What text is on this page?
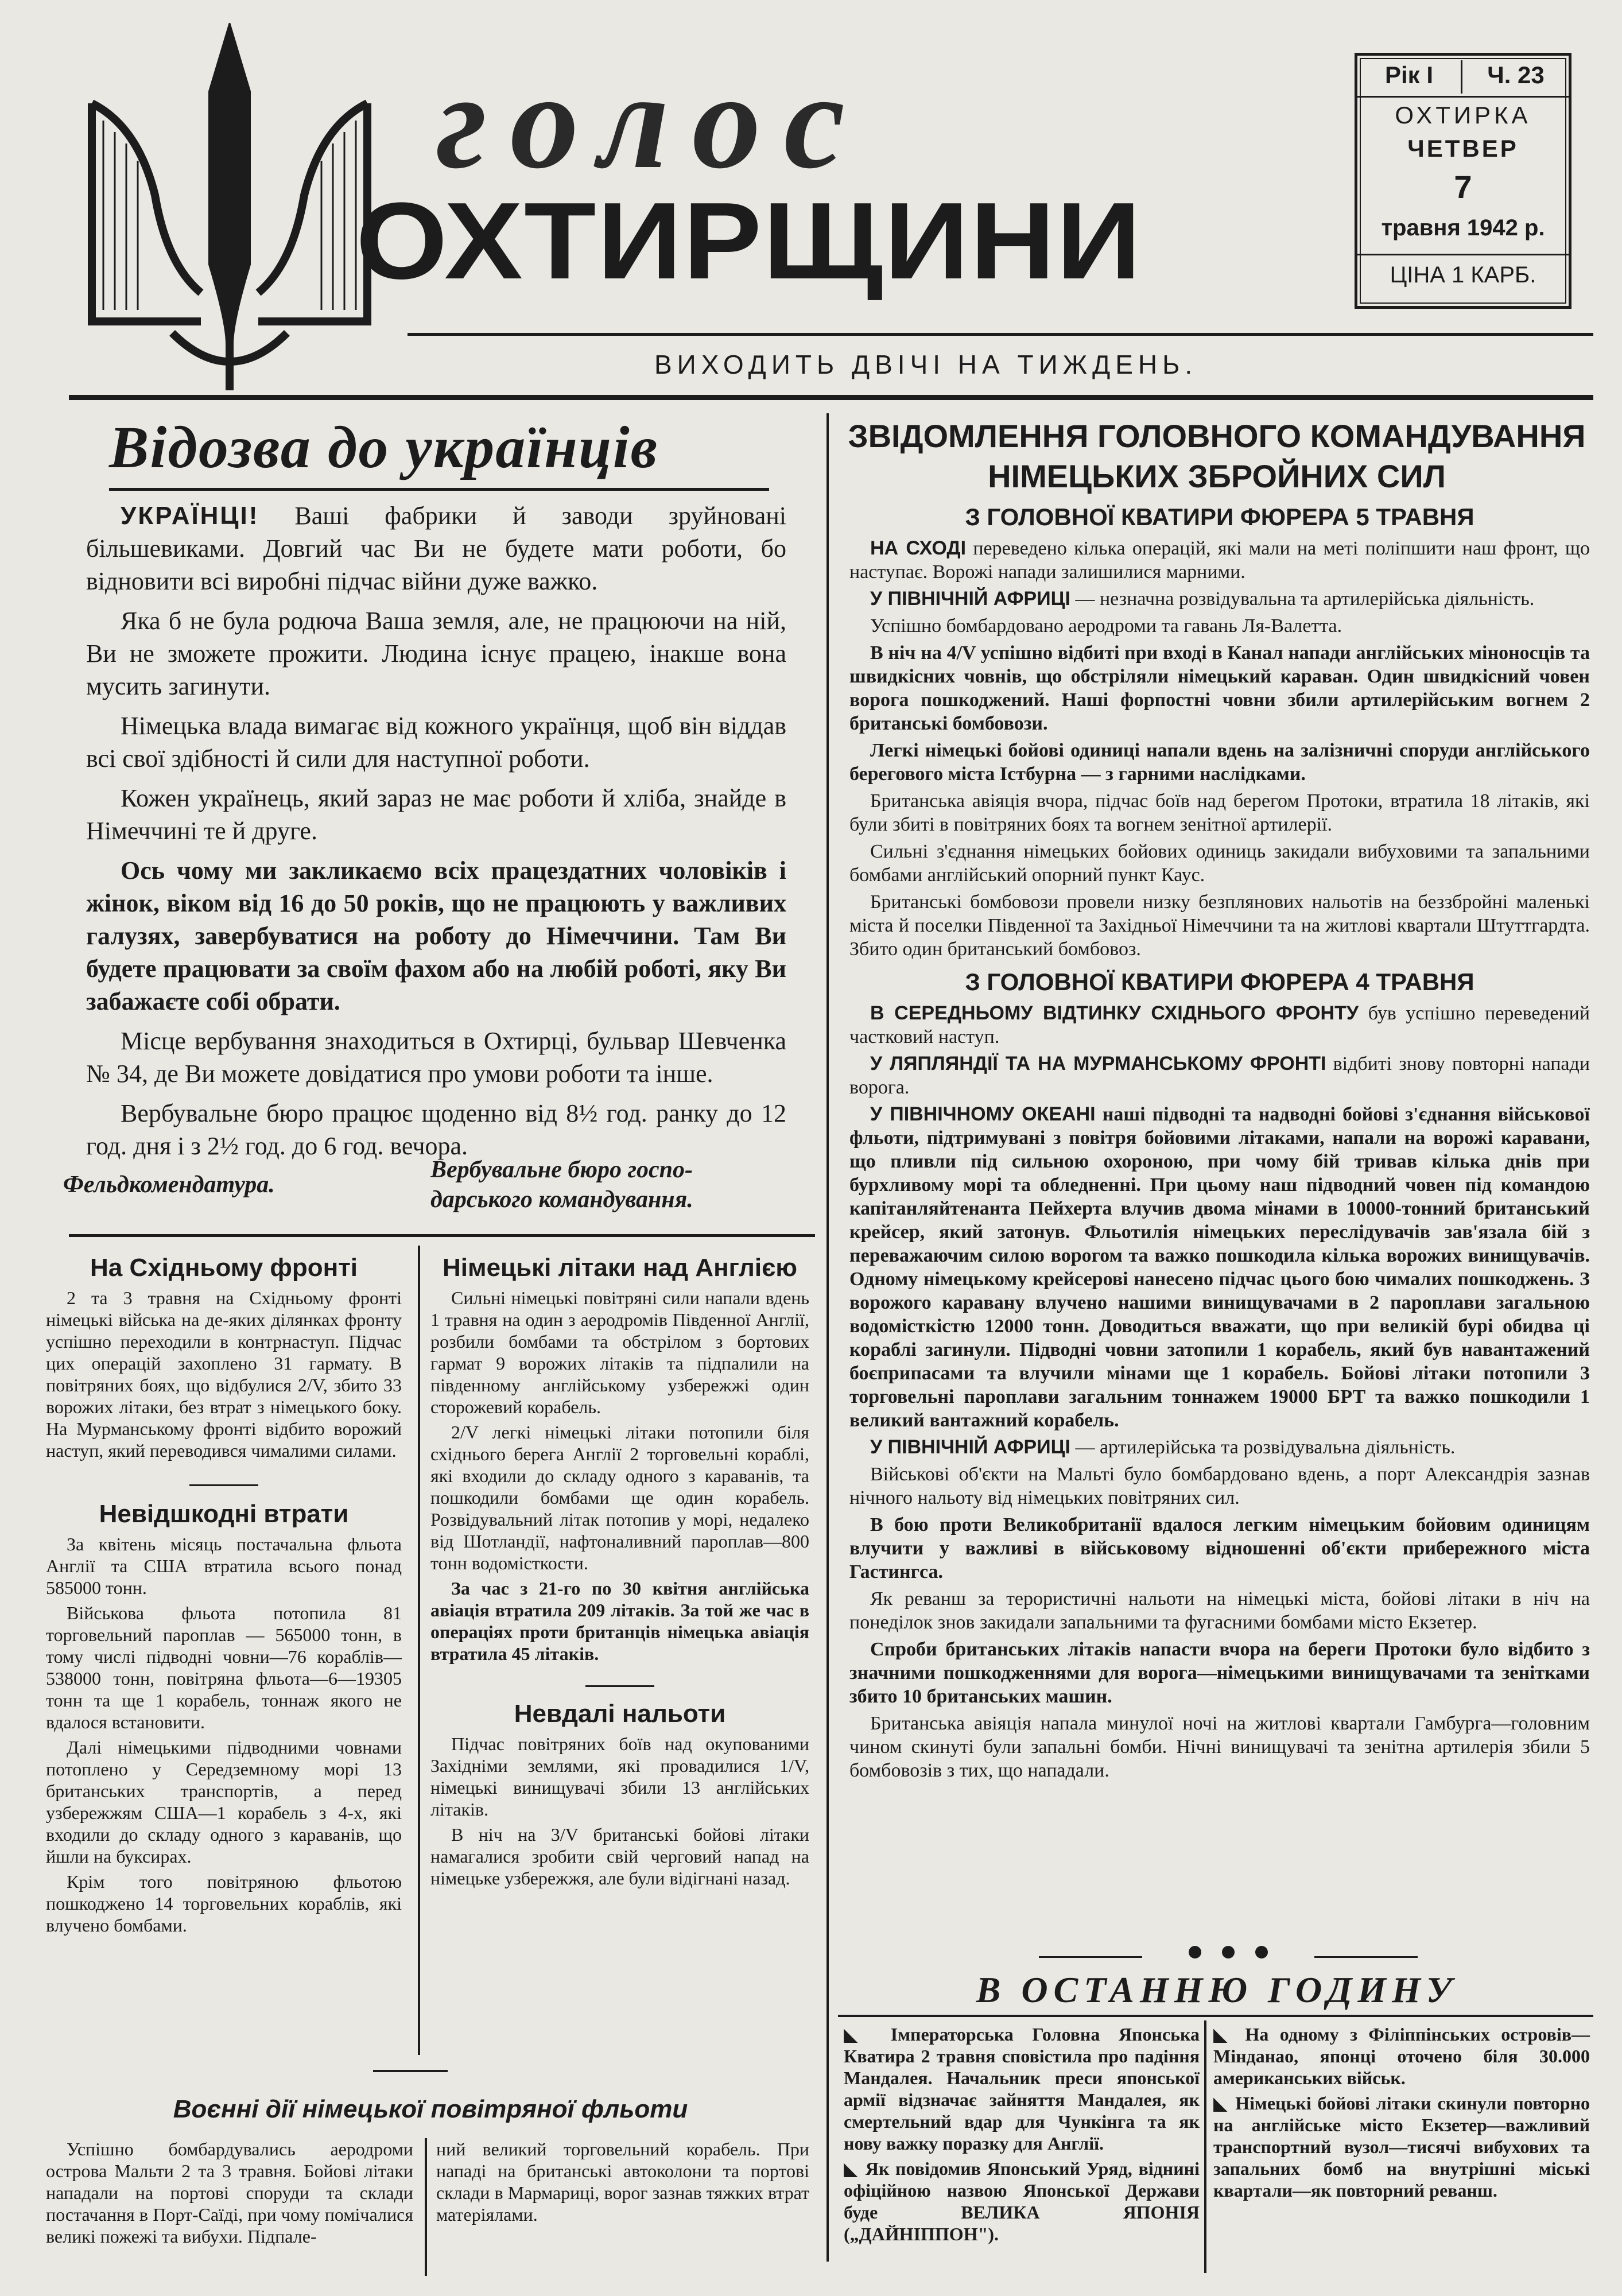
голос
ОХТИРЩИНИ
Рік І	Ч. 23
ОХТИРКА
ЧЕТВЕР
7
травня 1942 р.
ЦІНА 1 КАРБ.
ВИХОДИТЬ ДВІЧІ НА ТИЖДЕНЬ.
Відозва до українців

УКРАЇНЦІ! Ваші фабрики й заводи зруйновані більшевиками. Довгий час Ви не будете мати роботи, бо відновити всі виробні підчас війни дуже важко.

Яка б не була родюча Ваша земля, але, не працюючи на ній, Ви не зможете прожити. Людина існує працею, інакше вона мусить загинути.

Німецька влада вимагає від кожного українця, щоб він віддав всі свої здібності й сили для наступної роботи.

Кожен українець, який зараз не має роботи й хліба, знайде в Німеччині те й друге.

Ось чому ми закликаємо всіх працездатних чоловіків і жінок, віком від 16 до 50 років, що не працюють у важливих галузях, завербуватися на роботу до Німеччини. Там Ви будете працювати за своїм фахом або на любій роботі, яку Ви забажаєте собі обрати.

Місце вербування знаходиться в Охтирці, бульвар Шевченка № 34, де Ви можете довідатися про умови роботи та інше.

Вербувальне бюро працює щоденно від 8½ год. ранку до 12 год. дня і з 2½ год. до 6 год. вечора.

Фельдкомендатура.
Вербувальне бюро госпо-
дарського командування.
На Східньому фронті

2 та 3 травня на Східньому фронті німецькі війська на де-яких ділянках фронту успішно переходили в контрнаступ. Підчас цих операцій захоплено 31 гармату. В повітряних боях, що відбулися 2/V, збито 33 ворожих літаки, без втрат з німецького боку. На Мурманському фронті відбито ворожий наступ, який переводився чималими силами.

Невідшкодні втрати

За квітень місяць постачальна фльота Англії та США втратила всього понад 585000 тонн.

Військова фльота потопила 81 торговельний пароплав — 565000 тонн, в тому числі підводні човни—76 кораблів—538000 тонн, повітряна фльота—6—19305 тонн та ще 1 корабель, тоннаж якого не вдалося встановити.

Далі німецькими підводними човнами потоплено у Середземному морі 13 британських транспортів, а перед узбережжям США—1 корабель з 4-х, які входили до складу одного з караванів, що йшли на буксирах.

Крім того повітряною фльотою пошкоджено 14 торговельних кораблів, які влучено бомбами.

Німецькі літаки над Англією

Сильні німецькі повітряні сили напали вдень 1 травня на один з аеродромів Південної Англії, розбили бомбами та обстрілом з бортових гармат 9 ворожих літаків та підпалили на південному англійському узбережжі один сторожевий корабель.

2/V легкі німецькі літаки потопили біля східнього берега Англії 2 торговельні кораблі, які входили до складу одного з караванів, та пошкодили бомбами ще один корабель. Розвідувальний літак потопив у морі, недалеко від Шотландії, нафтоналивний пароплав—800 тонн водомісткости.

За час з 21-го по 30 квітня англійська авіація втратила 209 літаків. За той же час в операціях проти британців німецька авіація втратила 45 літаків.

Невдалі нальоти

Підчас повітряних боїв над окупованими Західніми землями, які провадилися 1/V, німецькі винищувачі збили 13 англійських літаків.

В ніч на 3/V британські бойові літаки намагалися зробити свій черговий напад на німецьке узбережжя, але були відігнані назад.

Воєнні дії німецької повітряної фльоти

Успішно бомбардувались аеродроми острова Мальти 2 та 3 травня. Бойові літаки нападали на портові споруди та склади постачання в Порт-Саїді, при чому помічалися великі пожежі та вибухи. Підпале-

ний великий торговельний корабель. При нападі на британські автоколони та портові склади в Мармариці, ворог зазнав тяжких втрат матеріялами.

ЗВІДОМЛЕННЯ ГОЛОВНОГО КОМАНДУВАННЯ
НІМЕЦЬКИХ ЗБРОЙНИХ СИЛ
З ГОЛОВНОЇ КВАТИРИ ФЮРЕРА 5 ТРАВНЯ

НА СХОДІ переведено кілька операцій, які мали на меті поліпшити наш фронт, що наступає. Ворожі напади залишилися марними.

У ПІВНІЧНІЙ АФРИЦІ — незначна розвідувальна та артилерійська діяльність.

Успішно бомбардовано аеродроми та гавань Ля-Валетта.

В ніч на 4/V успішно відбиті при вході в Канал напади англійських міноносців та швидкісних човнів, що обстріляли німецький караван. Один швидкісний човен ворога пошкоджений. Наші форпостні човни збили артилерійським вогнем 2 британські бомбовози.

Легкі німецькі бойові одиниці напали вдень на залізничні споруди англійського берегового міста Істбурна — з гарними наслідками.

Британська авіяція вчора, підчас боїв над берегом Протоки, втратила 18 літаків, які були збиті в повітряних боях та вогнем зенітної артилерії.

Сильні з'єднання німецьких бойових одиниць закидали вибуховими та запальними бомбами англійський опорний пункт Каус.

Британські бомбовози провели низку безплянових нальотів на беззбройні маленькі міста й поселки Південної та Західньої Німеччини та на житлові квартали Штуттгардта. Збито один британський бомбовоз.

З ГОЛОВНОЇ КВАТИРИ ФЮРЕРА 4 ТРАВНЯ

В СЕРЕДНЬОМУ ВІДТИНКУ СХІДНЬОГО ФРОНТУ був успішно переведений частковий наступ.

У ЛЯПЛЯНДІЇ ТА НА МУРМАНСЬКОМУ ФРОНТІ відбиті знову повторні напади ворога.

У ПІВНІЧНОМУ ОКЕАНІ наші підводні та надводні бойові з'єднання військової фльоти, підтримувані з повітря бойовими літаками, напали на ворожі каравани, що пливли під сильною охороною, при чому бій тривав кілька днів при бурхливому морі та обледненні. При цьому наш підводний човен під командою капітанляйтенанта Пейхерта влучив двома мінами в 10000-тонний британський крейсер, який затонув. Фльотилія німецьких переслідувачів зав'язала бій з переважаючим силою ворогом та важко пошкодила кілька ворожих винищувачів. Одному німецькому крейсерові нанесено підчас цього бою чималих пошкоджень. З ворожого каравану влучено нашими винищувачами в 2 пароплави загальною водомісткістю 12000 тонн. Доводиться вважати, що при великій бурі обидва ці кораблі загинули. Підводні човни затопили 1 корабель, який був навантажений боєприпасами та влучили мінами ще 1 корабель. Бойові літаки потопили 3 торговельні пароплави загальним тоннажем 19000 БРТ та важко пошкодили 1 великий вантажний корабель.

У ПІВНІЧНІЙ АФРИЦІ — артилерійська та розвідувальна діяльність.

Військові об'єкти на Мальті було бомбардовано вдень, а порт Александрія зазнав нічного нальоту від німецьких повітряних сил.

В бою проти Великобританії вдалося легким німецьким бойовим одиницям влучити у важливі в військовому відношенні об'єкти прибережного міста Гастингса.

Як реванш за терористичні нальоти на німецькі міста, бойові літаки в ніч на понеділок знов закидали запальними та фугасними бомбами місто Екзетер.

Спроби британських літаків напасти вчора на береги Протоки було відбито з значними пошкодженнями для ворога—німецькими винищувачами та зенітками збито 10 британських машин.

Британська авіяція напала минулої ночі на житлові квартали Гамбурга—головним чином скинуті були запальні бомби. Нічні винищувачі та зенітна артилерія збили 5 бомбовозів з тих, що нападали.

В ОСТАННЮ ГОДИНУ

◣ Імператорська Головна Японська Кватира 2 травня сповістила про падіння Мандалея. Начальник преси японської армії відзначає зайняття Мандалея, як смертельний вдар для Чункінга та як нову важку поразку для Англії.

◣ Як повідомив Японський Уряд, віднині офіційною назвою Японської Держави буде ВЕЛИКА ЯПОНІЯ („ДАЙНІППОН").

◣ На одному з Філіппінських островів—Мінданао, японці оточено біля 30.000 американських військ.

◣ Німецькі бойові літаки скинули повторно на англійське місто Екзетер—важливий транспортний вузол—тисячі вибухових та запальних бомб на внутрішні міські квартали—як повторний реванш.
